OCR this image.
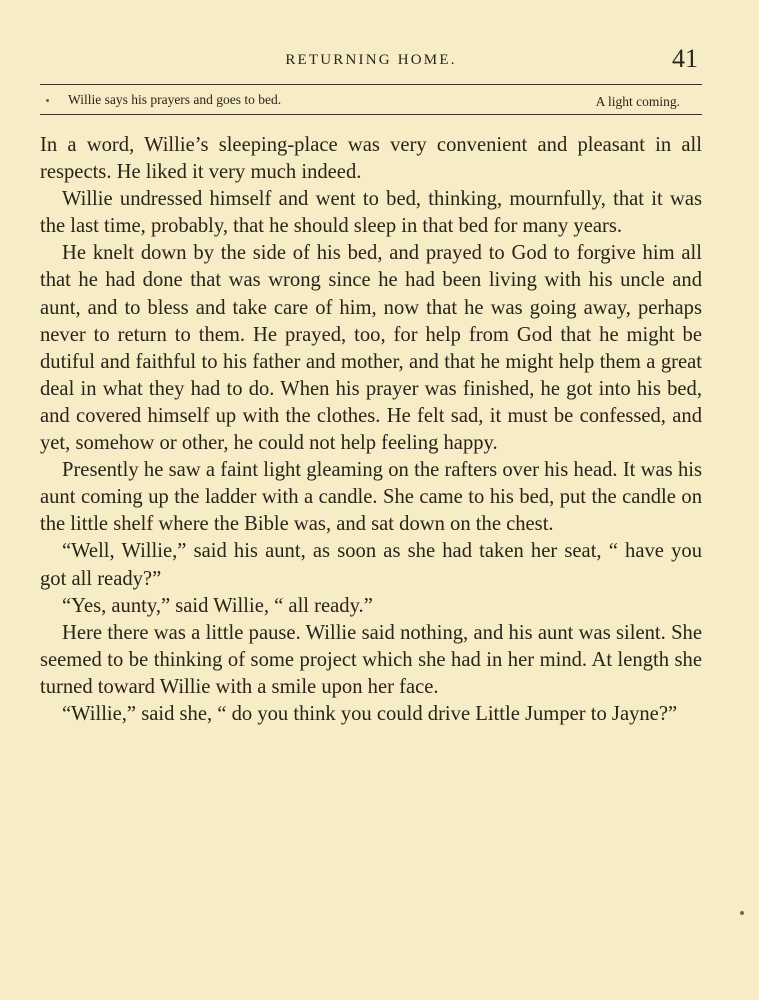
RETURNING HOME.	41
Willie says his prayers and goes to bed.	A light coming.

In a word, Willie’s sleeping-place was very convenient and pleasant in all respects. He liked it very much indeed.

Willie undressed himself and went to bed, thinking, mournfully, that it was the last time, probably, that he should sleep in that bed for many years.

He knelt down by the side of his bed, and prayed to God to forgive him all that he had done that was wrong since he had been living with his uncle and aunt, and to bless and take care of him, now that he was going away, perhaps never to return to them. He prayed, too, for help from God that he might be dutiful and faithful to his father and mother, and that he might help them a great deal in what they had to do. When his prayer was finished, he got into his bed, and covered himself up with the clothes. He felt sad, it must be confessed, and yet, somehow or other, he could not help feeling happy.

Presently he saw a faint light gleaming on the rafters over his head. It was his aunt coming up the ladder with a candle. She came to his bed, put the candle on the little shelf where the Bible was, and sat down on the chest.

“Well, Willie,” said his aunt, as soon as she had taken her seat, “ have you got all ready?”

“Yes, aunty,” said Willie, “ all ready.”

Here there was a little pause. Willie said nothing, and his aunt was silent. She seemed to be thinking of some project which she had in her mind. At length she turned toward Willie with a smile upon her face.

“Willie,” said she, “ do you think you could drive Little Jumper to Jayne?”
